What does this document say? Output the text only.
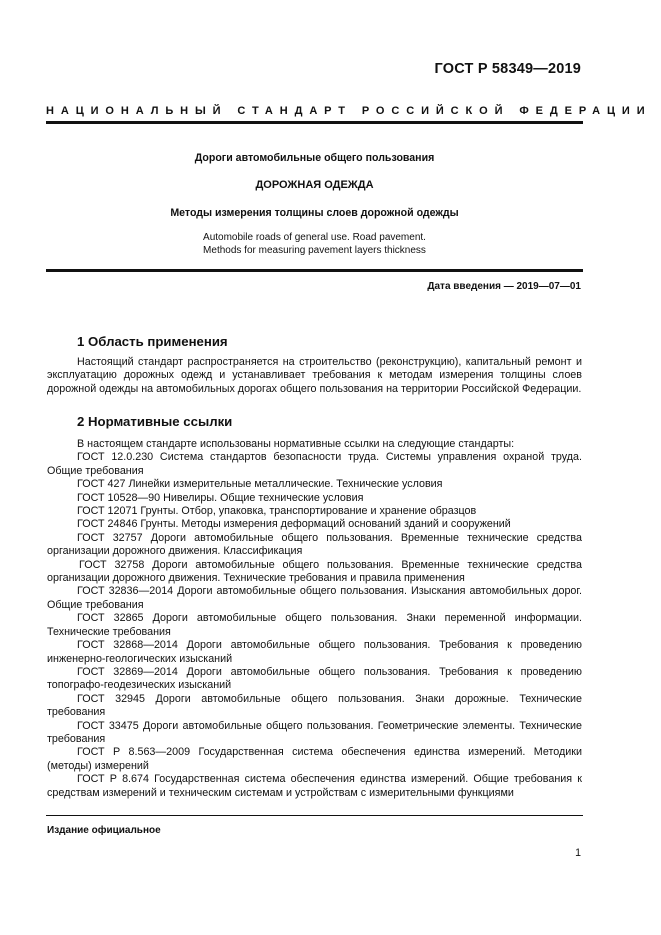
ГОСТ Р 58349—2019
НАЦИОНАЛЬНЫЙ СТАНДАРТ РОССИЙСКОЙ ФЕДЕРАЦИИ
Дороги автомобильные общего пользования
ДОРОЖНАЯ ОДЕЖДА
Методы измерения толщины слоев дорожной одежды
Automobile roads of general use. Road pavement.
Methods for measuring pavement layers thickness
Дата введения — 2019—07—01
1 Область применения

Настоящий стандарт распространяется на строительство (реконструкцию), капитальный ремонт и эксплуатацию дорожных одежд и устанавливает требования к методам измерения толщины слоев дорожной одежды на автомобильных дорогах общего пользования на территории Российской Федерации.

2 Нормативные ссылки
В настоящем стандарте использованы нормативные ссылки на следующие стандарты:
ГОСТ 12.0.230 Система стандартов безопасности труда. Системы управления охраной труда. Общие требования
ГОСТ 427 Линейки измерительные металлические. Технические условия
ГОСТ 10528—90 Нивелиры. Общие технические условия
ГОСТ 12071 Грунты. Отбор, упаковка, транспортирование и хранение образцов
ГОСТ 24846 Грунты. Методы измерения деформаций оснований зданий и сооружений
ГОСТ 32757 Дороги автомобильные общего пользования. Временные технические средства организации дорожного движения. Классификация
ГОСТ 32758 Дороги автомобильные общего пользования. Временные технические средства организации дорожного движения. Технические требования и правила применения
ГОСТ 32836—2014 Дороги автомобильные общего пользования. Изыскания автомобильных дорог. Общие требования
ГОСТ 32865 Дороги автомобильные общего пользования. Знаки переменной информации. Технические требования
ГОСТ 32868—2014 Дороги автомобильные общего пользования. Требования к проведению инженерно-геологических изысканий
ГОСТ 32869—2014 Дороги автомобильные общего пользования. Требования к проведению топографо-геодезических изысканий
ГОСТ 32945 Дороги автомобильные общего пользования. Знаки дорожные. Технические требования
ГОСТ 33475 Дороги автомобильные общего пользования. Геометрические элементы. Технические требования
ГОСТ Р 8.563—2009 Государственная система обеспечения единства измерений. Методики (методы) измерений
ГОСТ Р 8.674 Государственная система обеспечения единства измерений. Общие требования к средствам измерений и техническим системам и устройствам с измерительными функциями
Издание официальное
1
